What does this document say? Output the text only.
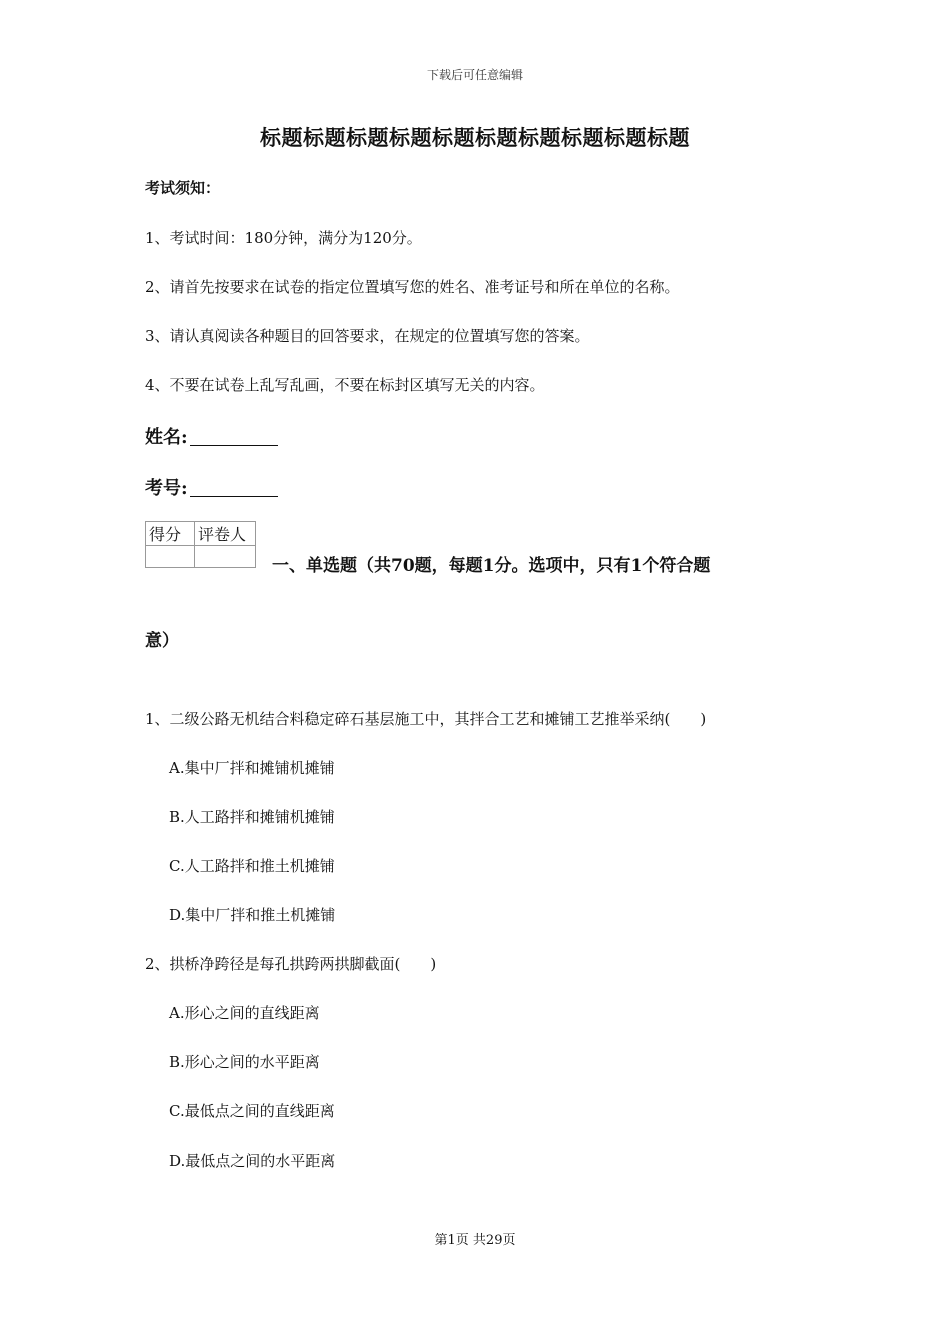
下载后可任意编辑
标题标题标题标题标题标题标题标题标题标题
考试须知：
1、考试时间：180分钟，满分为120分。
2、请首先按要求在试卷的指定位置填写您的姓名、准考证号和所在单位的名称。
3、请认真阅读各种题目的回答要求，在规定的位置填写您的答案。
4、不要在试卷上乱写乱画，不要在标封区填写无关的内容。
姓名:
考号:
得分	评卷人

一、单选题（共70题，每题1分。选项中，只有1个符合题
意）
1、二级公路无机结合料稳定碎石基层施工中，其拌合工艺和摊铺工艺推举采纳(　　)
A.集中厂拌和摊铺机摊铺
B.人工路拌和摊铺机摊铺
C.人工路拌和推土机摊铺
D.集中厂拌和推土机摊铺
2、拱桥净跨径是每孔拱跨两拱脚截面(　　)
A.形心之间的直线距离
B.形心之间的水平距离
C.最低点之间的直线距离
D.最低点之间的水平距离
第1页 共29页
